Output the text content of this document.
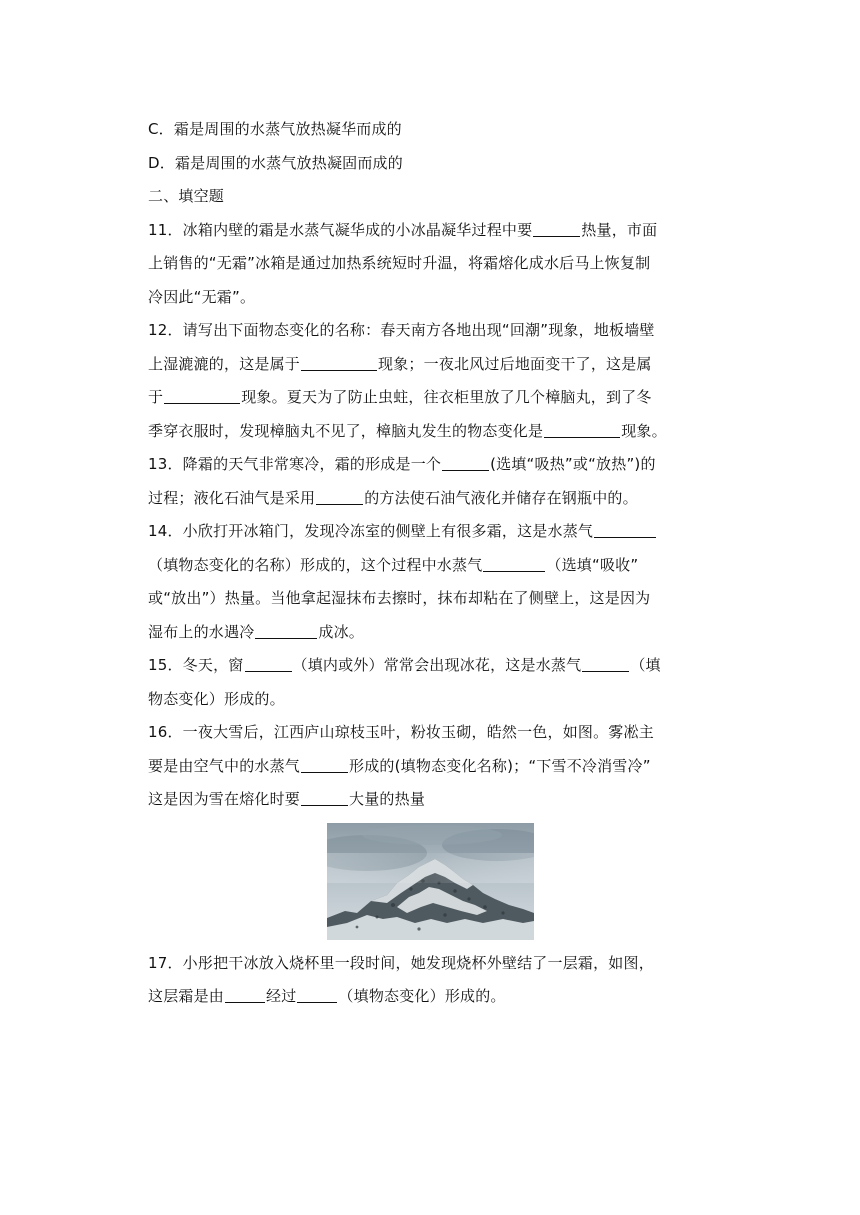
C．霜是周围的水蒸气放热凝华而成的
D．霜是周围的水蒸气放热凝固而成的
二、填空题
11．冰箱内壁的霜是水蒸气凝华成的小冰晶凝华过程中要	热量，市面
上销售的“无霜”冰箱是通过加热系统短时升温，将霜熔化成水后马上恢复制
冷因此“无霜”。
12．请写出下面物态变化的名称：春天南方各地出现“回潮”现象，地板墙壁
上湿漉漉的，这是属于	现象；一夜北风过后地面变干了，这是属
于	现象。夏天为了防止虫蛀，往衣柜里放了几个樟脑丸，到了冬
季穿衣服时，发现樟脑丸不见了，樟脑丸发生的物态变化是	现象。
13．降霜的天气非常寒冷，霜的形成是一个	(选填“吸热”或“放热”)的
过程；液化石油气是采用	的方法使石油气液化并储存在钢瓶中的。
14．小欣打开冰箱门，发现冷冻室的侧壁上有很多霜，这是水蒸气
（填物态变化的名称）形成的，这个过程中水蒸气	（选填“吸收”
或“放出”）热量。当他拿起湿抹布去擦时，抹布却粘在了侧壁上，这是因为
湿布上的水遇冷	成冰。
15．冬天，窗	（填内或外）常常会出现冰花，这是水蒸气	（填
物态变化）形成的。
16．一夜大雪后，江西庐山琼枝玉叶，粉妆玉砌，皓然一色，如图。雾凇主
要是由空气中的水蒸气	形成的(填物态变化名称)；“下雪不冷消雪冷”
这是因为雪在熔化时要	大量的热量
17．小彤把干冰放入烧杯里一段时间，她发现烧杯外壁结了一层霜，如图，
这层霜是由	经过	（填物态变化）形成的。
